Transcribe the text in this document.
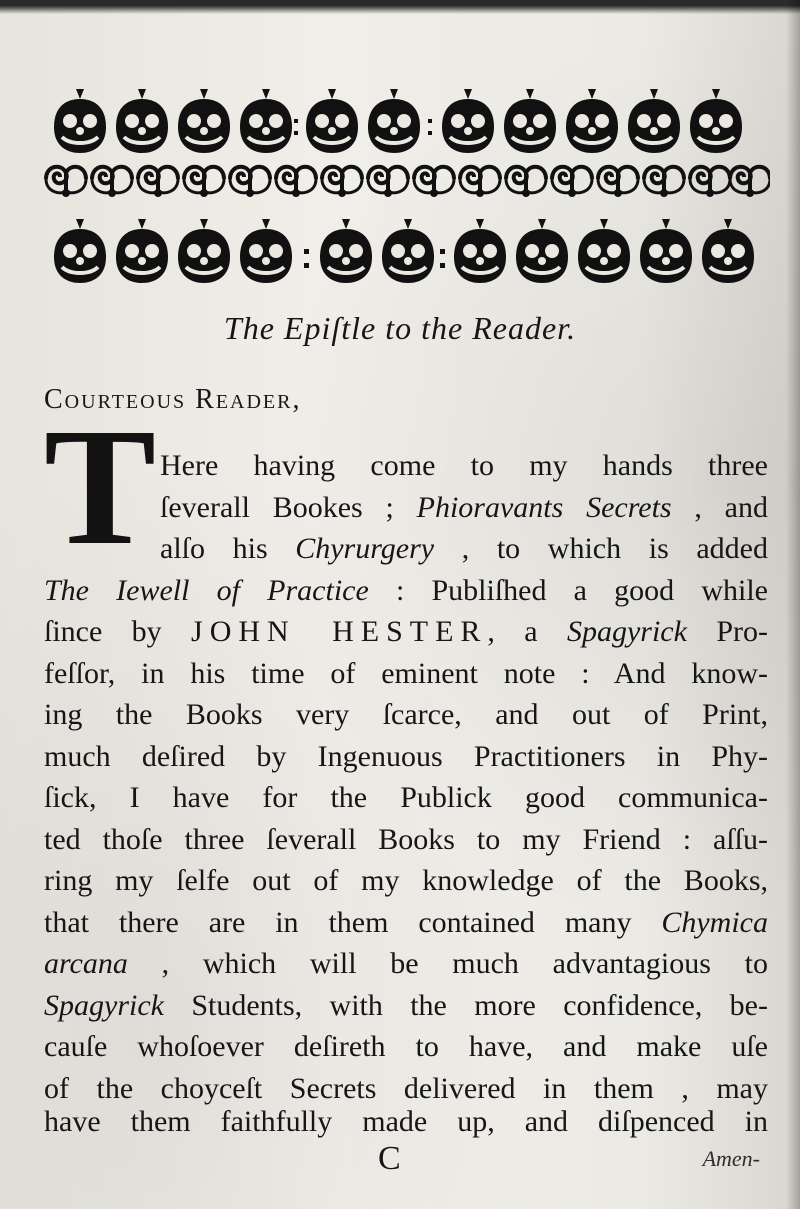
The Epiſtle to the Reader.
Courteous Reader,
T Here having come to my hands three
ſeverall Bookes ; Phioravants Secrets , and
alſo his Chyrurgery , to which is added
The Iewell of Practice : Publiſhed a good while
ſince by JOHN HESTER, a Spagyrick Pro-
feſſor, in his time of eminent note : And know-
ing the Books very ſcarce, and out of Print,
much deſired by Ingenuous Practitioners in Phy-
ſick, I have for the Publick good communica-
ted thoſe three ſeverall Books to my Friend : aſſu-
ring my ſelfe out of my knowledge of the Books,
that there are in them contained many Chymica
arcana , which will be much advantagious to
Spagyrick Students, with the more confidence, be-
cauſe whoſoever deſireth to have, and make uſe
of the choyceſt Secrets delivered in them , may
have them faithfully made up, and diſpenced in
C	Amen-
